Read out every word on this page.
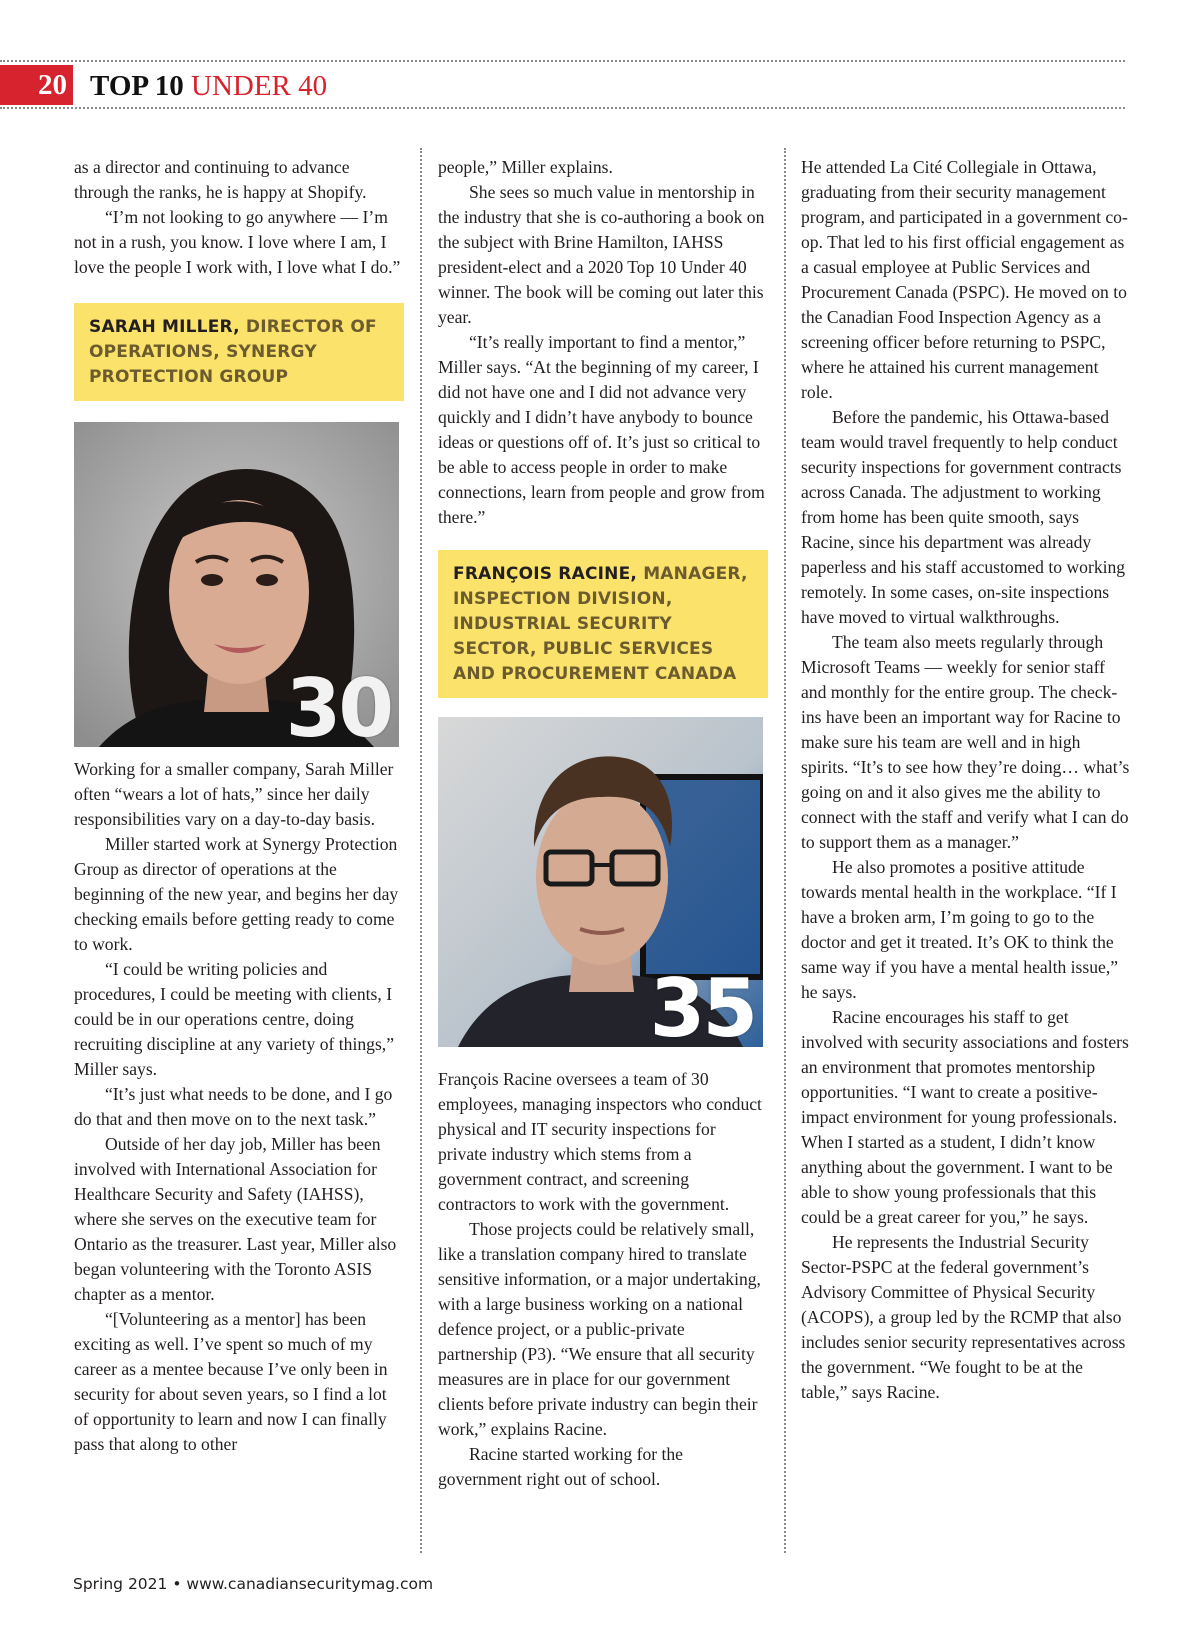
20 TOP 10 UNDER 40

as a director and continuing to advance through the ranks, he is happy at Shopify.

“I’m not looking to go anywhere — I’m not in a rush, you know. I love where I am, I love the people I work with, I love what I do.”

SARAH MILLER, DIRECTOR OF OPERATIONS, SYNERGY PROTECTION GROUP
30

Working for a smaller company, Sarah Miller often “wears a lot of hats,” since her daily responsibilities vary on a day-to-day basis.

Miller started work at Synergy Protection Group as director of operations at the beginning of the new year, and begins her day checking emails before getting ready to come to work.

“I could be writing policies and procedures, I could be meeting with clients, I could be in our operations centre, doing recruiting discipline at any variety of things,” Miller says.

“It’s just what needs to be done, and I go do that and then move on to the next task.”

Outside of her day job, Miller has been involved with International Association for Healthcare Security and Safety (IAHSS), where she serves on the executive team for Ontario as the treasurer. Last year, Miller also began volunteering with the Toronto ASIS chapter as a mentor.

“[Volunteering as a mentor] has been exciting as well. I’ve spent so much of my career as a mentee because I’ve only been in security for about seven years, so I find a lot of opportunity to learn and now I can finally pass that along to other

people,” Miller explains.

She sees so much value in mentorship in the industry that she is co-authoring a book on the subject with Brine Hamilton, IAHSS president-elect and a 2020 Top 10 Under 40 winner. The book will be coming out later this year.

“It’s really important to find a mentor,” Miller says. “At the beginning of my career, I did not have one and I did not advance very quickly and I didn’t have anybody to bounce ideas or questions off of. It’s just so critical to be able to access people in order to make connections, learn from people and grow from there.”

FRANÇOIS RACINE, MANAGER, INSPECTION DIVISION, INDUSTRIAL SECURITY SECTOR, PUBLIC SERVICES AND PROCUREMENT CANADA
35

François Racine oversees a team of 30 employees, managing inspectors who conduct physical and IT security inspections for private industry which stems from a government contract, and screening contractors to work with the government.

Those projects could be relatively small, like a translation company hired to translate sensitive information, or a major undertaking, with a large business working on a national defence project, or a public-private partnership (P3). “We ensure that all security measures are in place for our government clients before private industry can begin their work,” explains Racine.

Racine started working for the government right out of school.

He attended La Cité Collegiale in Ottawa, graduating from their security management program, and participated in a government co-op. That led to his first official engagement as a casual employee at Public Services and Procurement Canada (PSPC). He moved on to the Canadian Food Inspection Agency as a screening officer before returning to PSPC, where he attained his current management role.

Before the pandemic, his Ottawa-based team would travel frequently to help conduct security inspections for government contracts across Canada. The adjustment to working from home has been quite smooth, says Racine, since his department was already paperless and his staff accustomed to working remotely. In some cases, on-site inspections have moved to virtual walkthroughs.

The team also meets regularly through Microsoft Teams — weekly for senior staff and monthly for the entire group. The check-ins have been an important way for Racine to make sure his team are well and in high spirits. “It’s to see how they’re doing… what’s going on and it also gives me the ability to connect with the staff and verify what I can do to support them as a manager.”

He also promotes a positive attitude towards mental health in the workplace. “If I have a broken arm, I’m going to go to the doctor and get it treated. It’s OK to think the same way if you have a mental health issue,” he says.

Racine encourages his staff to get involved with security associations and fosters an environment that promotes mentorship opportunities. “I want to create a positive-impact environment for young professionals. When I started as a student, I didn’t know anything about the government. I want to be able to show young professionals that this could be a great career for you,” he says.

He represents the Industrial Security Sector-PSPC at the federal government’s Advisory Committee of Physical Security (ACOPS), a group led by the RCMP that also includes senior security representatives across the government. “We fought to be at the table,” says Racine.

Spring 2021 • www.canadiansecuritymag.com
